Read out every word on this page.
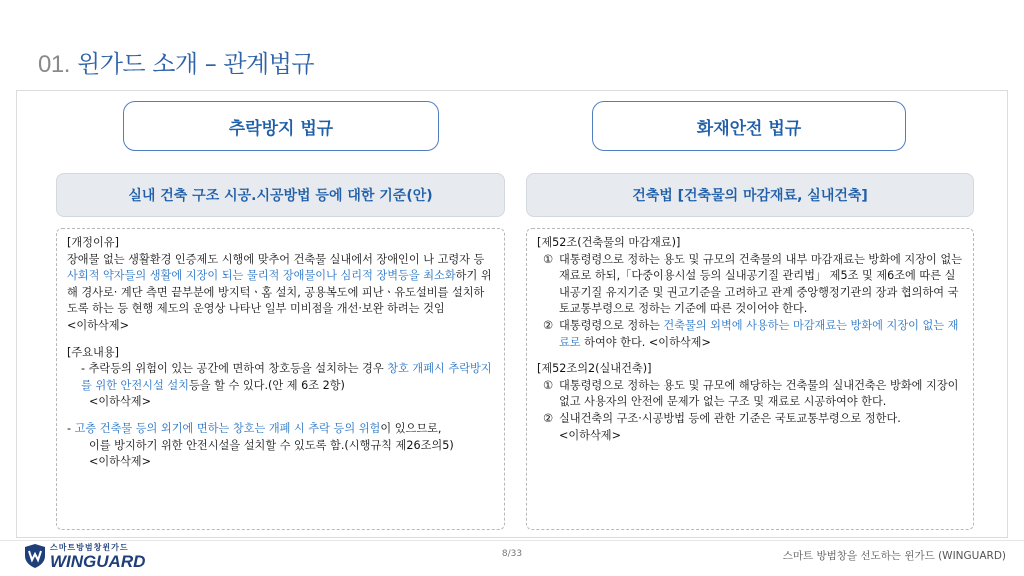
01. 윈가드 소개 – 관계법규
추락방지 법규	화재안전 법규
실내 건축 구조 시공.시공방법 등에 대한 기준(안)	건축법 [건축물의 마감재료, 실내건축]
[개정이유]
장애물 없는 생활환경 인증제도 시행에 맞추어 건축물 실내에서 장애인이 나 고령자 등 사회적 약자들의 생활에 지장이 되는 물리적 장애물이나 심리적 장벽등을 최소화하기 위해 경사로· 계단 측면 끝부분에 방지턱ㆍ홈 설치, 공용복도에 피난ㆍ유도설비를 설치하도록 하는 등 현행 제도의 운영상 나타난 일부 미비점을 개선·보완 하려는 것임
<이하삭제>
[주요내용]
- 추락등의 위험이 있는 공간에 면하여 창호등을 설치하는 경우 창호 개폐시 추락방지를 위한 안전시설 설치등을 할 수 있다.(안 제 6조 2항)
<이하삭제>
- 고층 건축물 등의 외기에 면하는 창호는 개폐 시 추락 등의 위험이 있으므로,
이를 방지하기 위한 안전시설을 설치할 수 있도록 함.(시행규칙 제26조의5)
<이하삭제>
[제52조(건축물의 마감재료)]
① 대통령령으로 정하는 용도 및 규모의 건축물의 내부 마감재료는 방화에 지장이 없는 재료로 하되,「다중이용시설 등의 실내공기질 관리법」 제5조 및 제6조에 따른 실내공기질 유지기준 및 권고기준을 고려하고 관계 중앙행정기관의 장과 협의하여 국토교통부령으로 정하는 기준에 따른 것이어야 한다.
② 대통령령으로 정하는 건축물의 외벽에 사용하는 마감재료는 방화에 지장이 없는 재료로 하여야 한다. <이하삭제>
[제52조의2(실내건축)]
① 대통령령으로 정하는 용도 및 규모에 해당하는 건축물의 실내건축은 방화에 지장이 없고 사용자의 안전에 문제가 없는 구조 및 재료로 시공하여야 한다.
② 실내건축의 구조·시공방법 등에 관한 기준은 국토교통부령으로 정한다.
<이하삭제>
스마트방범창윈가드
WINGUARD	8/33	스마트 방범창을 선도하는 윈가드 (WINGUARD)
